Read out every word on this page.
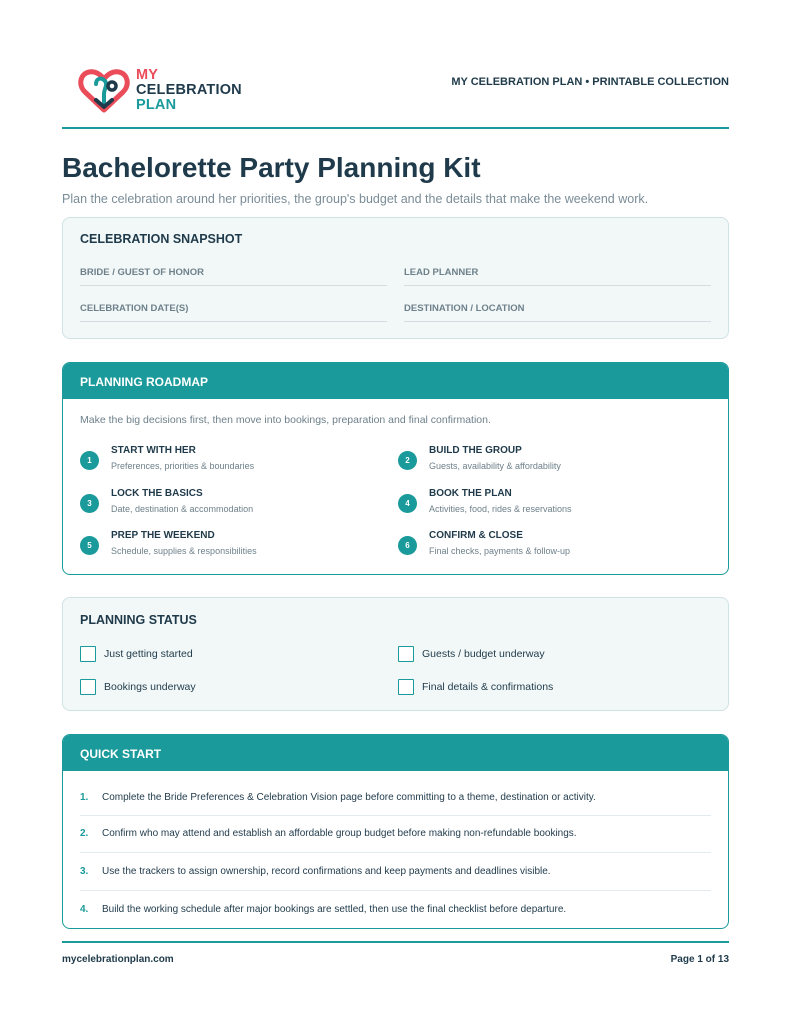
MY
CELEBRATION
PLAN
MY CELEBRATION PLAN • PRINTABLE COLLECTION
Bachelorette Party Planning Kit
Plan the celebration around her priorities, the group's budget and the details that make the weekend work.
CELEBRATION SNAPSHOT
BRIDE / GUEST OF HONOR	LEAD PLANNER
CELEBRATION DATE(S)	DESTINATION / LOCATION
PLANNING ROADMAP
Make the big decisions first, then move into bookings, preparation and final confirmation.
1
START WITH HER
Preferences, priorities & boundaries
2
BUILD THE GROUP
Guests, availability & affordability
3
LOCK THE BASICS
Date, destination & accommodation
4
BOOK THE PLAN
Activities, food, rides & reservations
5
PREP THE WEEKEND
Schedule, supplies & responsibilities
6
CONFIRM & CLOSE
Final checks, payments & follow-up
PLANNING STATUS
Just getting started	Guests / budget underway
Bookings underway	Final details & confirmations
QUICK START
1. Complete the Bride Preferences & Celebration Vision page before committing to a theme, destination or activity.
2. Confirm who may attend and establish an affordable group budget before making non-refundable bookings.
3. Use the trackers to assign ownership, record confirmations and keep payments and deadlines visible.
4. Build the working schedule after major bookings are settled, then use the final checklist before departure.
mycelebrationplan.com	Page 1 of 13
